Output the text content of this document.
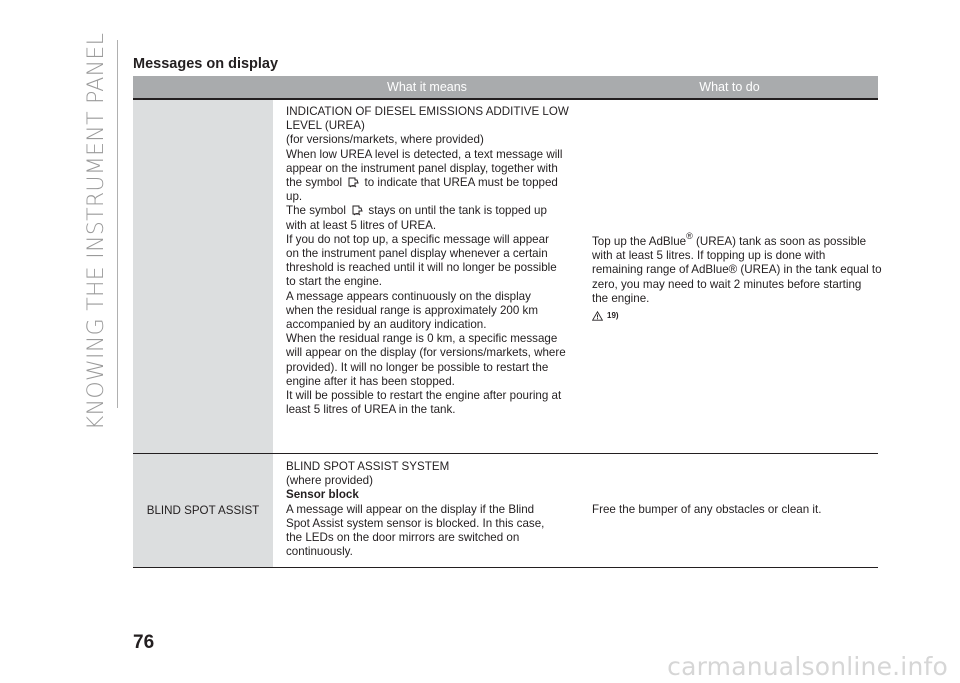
KNOWING THE INSTRUMENT PANEL Messages on display
What it means	What to do
INDICATION OF DIESEL EMISSIONS ADDITIVE LOW
LEVEL (UREA)
(for versions/markets, where provided)
When low UREA level is detected, a text message will
appear on the instrument panel display, together with
the symbol to indicate that UREA must be topped
up.
The symbol stays on until the tank is topped up
with at least 5 litres of UREA.
If you do not top up, a specific message will appear
on the instrument panel display whenever a certain
threshold is reached until it will no longer be possible
to start the engine.
A message appears continuously on the display
when the residual range is approximately 200 km
accompanied by an auditory indication.
When the residual range is 0 km, a specific message
will appear on the display (for versions/markets, where
provided). It will no longer be possible to restart the
engine after it has been stopped.
It will be possible to restart the engine after pouring at
least 5 litres of UREA in the tank.
Top up the AdBlue® (UREA) tank as soon as possible
with at least 5 litres. If topping up is done with
remaining range of AdBlue® (UREA) in the tank equal to
zero, you may need to wait 2 minutes before starting
the engine.
19)
BLIND SPOT ASSIST
BLIND SPOT ASSIST SYSTEM
(where provided)
Sensor block
A message will appear on the display if the Blind
Spot Assist system sensor is blocked. In this case,
the LEDs on the door mirrors are switched on
continuously.
Free the bumper of any obstacles or clean it.
76
carmanualsonline.info
